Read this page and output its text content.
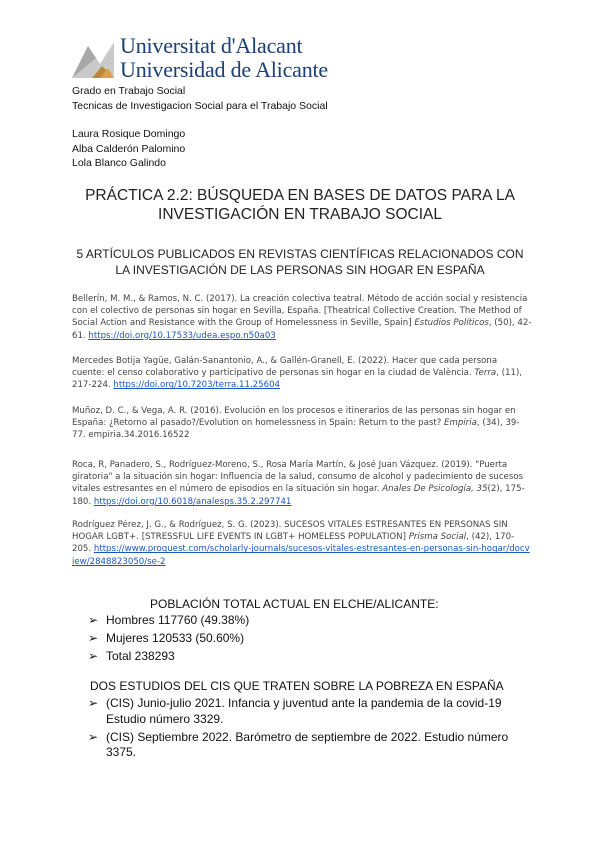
Universitat d'Alacant
Universidad de Alicante
Grado en Trabajo Social
Tecnicas de Investigacion Social para el Trabajo Social
Laura Rosique Domingo
Alba Calderón Palomino
Lola Blanco Galindo
PRÁCTICA 2.2: BÚSQUEDA EN BASES DE DATOS PARA LA
INVESTIGACIÓN EN TRABAJO SOCIAL
5 ARTÍCULOS PUBLICADOS EN REVISTAS CIENTÍFICAS RELACIONADOS CON
LA INVESTIGACIÓN DE LAS PERSONAS SIN HOGAR EN ESPAÑA
Bellerín, M. M., & Ramos, N. C. (2017). La creación colectiva teatral. Método de acción social y resistencia con el colectivo de personas sin hogar en Sevilla, España. [Theatrical Collective Creation. The Method of Social Action and Resistance with the Group of Homelessness in Seville, Spain] Estudios Políticos, (50), 42-61. https://doi.org/10.17533/udea.espo.n50a03
Mercedes Botija Yagüe, Galán-Sanantonio, A., & Gallén-Granell, E. (2022). Hacer que cada persona cuente: el censo colaborativo y participativo de personas sin hogar en la ciudad de València. Terra, (11), 217-224. https://doi.org/10.7203/terra.11.25604
Muñoz, D. C., & Vega, A. R. (2016). Evolución en los procesos e itinerarios de las personas sin hogar en España: ¿Retorno al pasado?/Evolution on homelessness in Spain: Return to the past? Empiria, (34), 39-77. empiria.34.2016.16522
Roca, R, Panadero, S., Rodríguez-Moreno, S., Rosa María Martín, & José Juan Vázquez. (2019). "Puerta giratoria" a la situación sin hogar: Influencia de la salud, consumo de alcohol y padecimiento de sucesos vitales estresantes en el número de episodios en la situación sin hogar. Anales De Psicología, 35(2), 175-180. https://doi.org/10.6018/analesps.35.2.297741
Rodríguez Pérez, J. G., & Rodríguez, S. G. (2023). SUCESOS VITALES ESTRESANTES EN PERSONAS SIN HOGAR LGBT+. [STRESSFUL LIFE EVENTS IN LGBT+ HOMELESS POPULATION] Prisma Social, (42), 170-205. https://www.proquest.com/scholarly-journals/sucesos-vitales-estresantes-en-personas-sin-hogar/docview/2848823050/se-2
POBLACIÓN TOTAL ACTUAL EN ELCHE/ALICANTE:
➢ Hombres 117760 (49.38%)
➢ Mujeres 120533 (50.60%)
➢ Total 238293
DOS ESTUDIOS DEL CIS QUE TRATEN SOBRE LA POBREZA EN ESPAÑA
➢ (CIS) Junio-julio 2021. Infancia y juventud ante la pandemia de la covid-19 Estudio número 3329.
➢ (CIS) Septiembre 2022. Barómetro de septiembre de 2022. Estudio número 3375.
